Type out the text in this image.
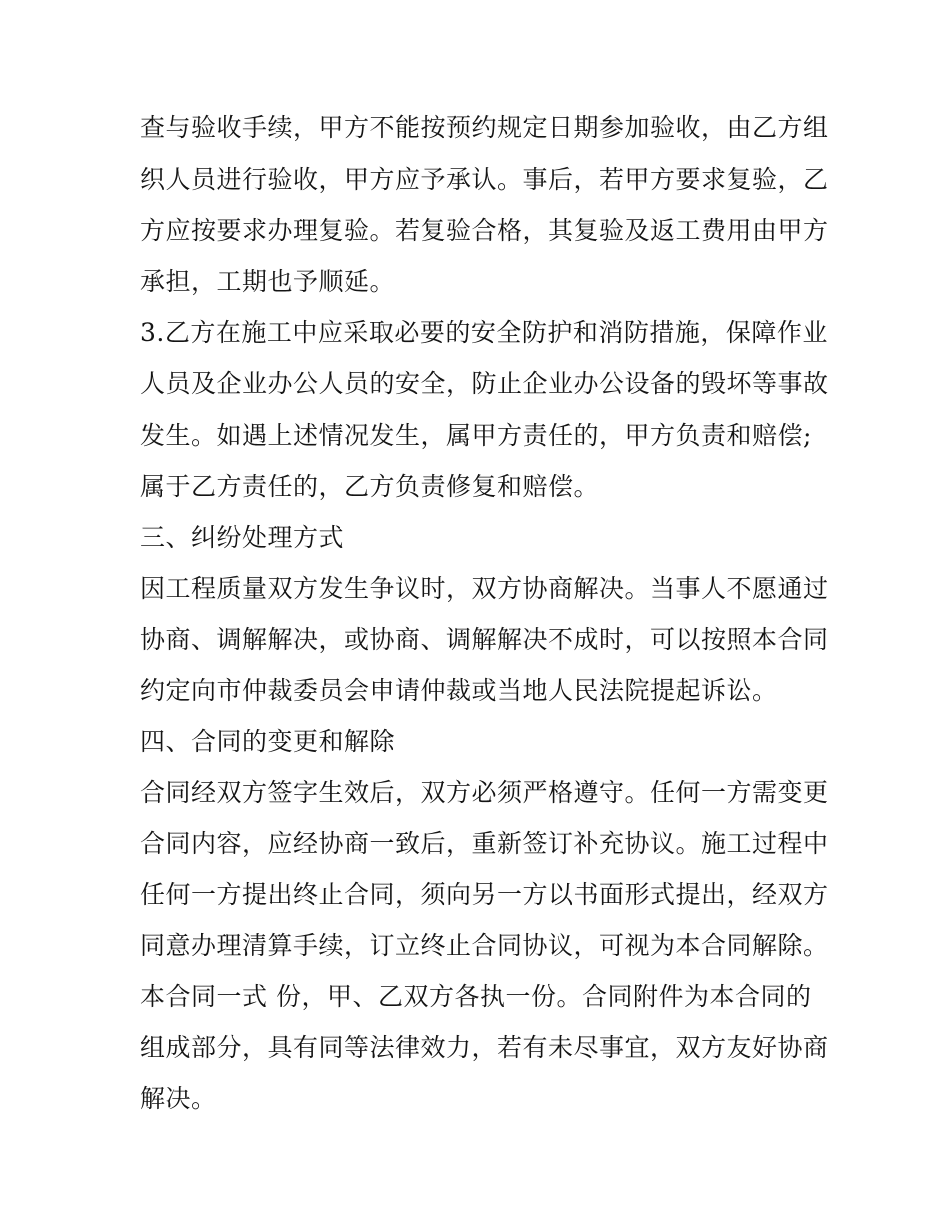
查与验收手续，甲方不能按预约规定日期参加验收，由乙方组
织人员进行验收，甲方应予承认。事后，若甲方要求复验，乙
方应按要求办理复验。若复验合格，其复验及返工费用由甲方
承担，工期也予顺延。
3.乙方在施工中应采取必要的安全防护和消防措施，保障作业
人员及企业办公人员的安全，防止企业办公设备的毁坏等事故
发生。如遇上述情况发生，属甲方责任的，甲方负责和赔偿;
属于乙方责任的，乙方负责修复和赔偿。
三、纠纷处理方式
因工程质量双方发生争议时，双方协商解决。当事人不愿通过
协商、调解解决，或协商、调解解决不成时，可以按照本合同
约定向市仲裁委员会申请仲裁或当地人民法院提起诉讼。
四、合同的变更和解除
合同经双方签字生效后，双方必须严格遵守。任何一方需变更
合同内容，应经协商一致后，重新签订补充协议。施工过程中
任何一方提出终止合同，须向另一方以书面形式提出，经双方
同意办理清算手续，订立终止合同协议，可视为本合同解除。
本合同一式 份，甲、乙双方各执一份。合同附件为本合同的
组成部分，具有同等法律效力，若有未尽事宜，双方友好协商
解决。
